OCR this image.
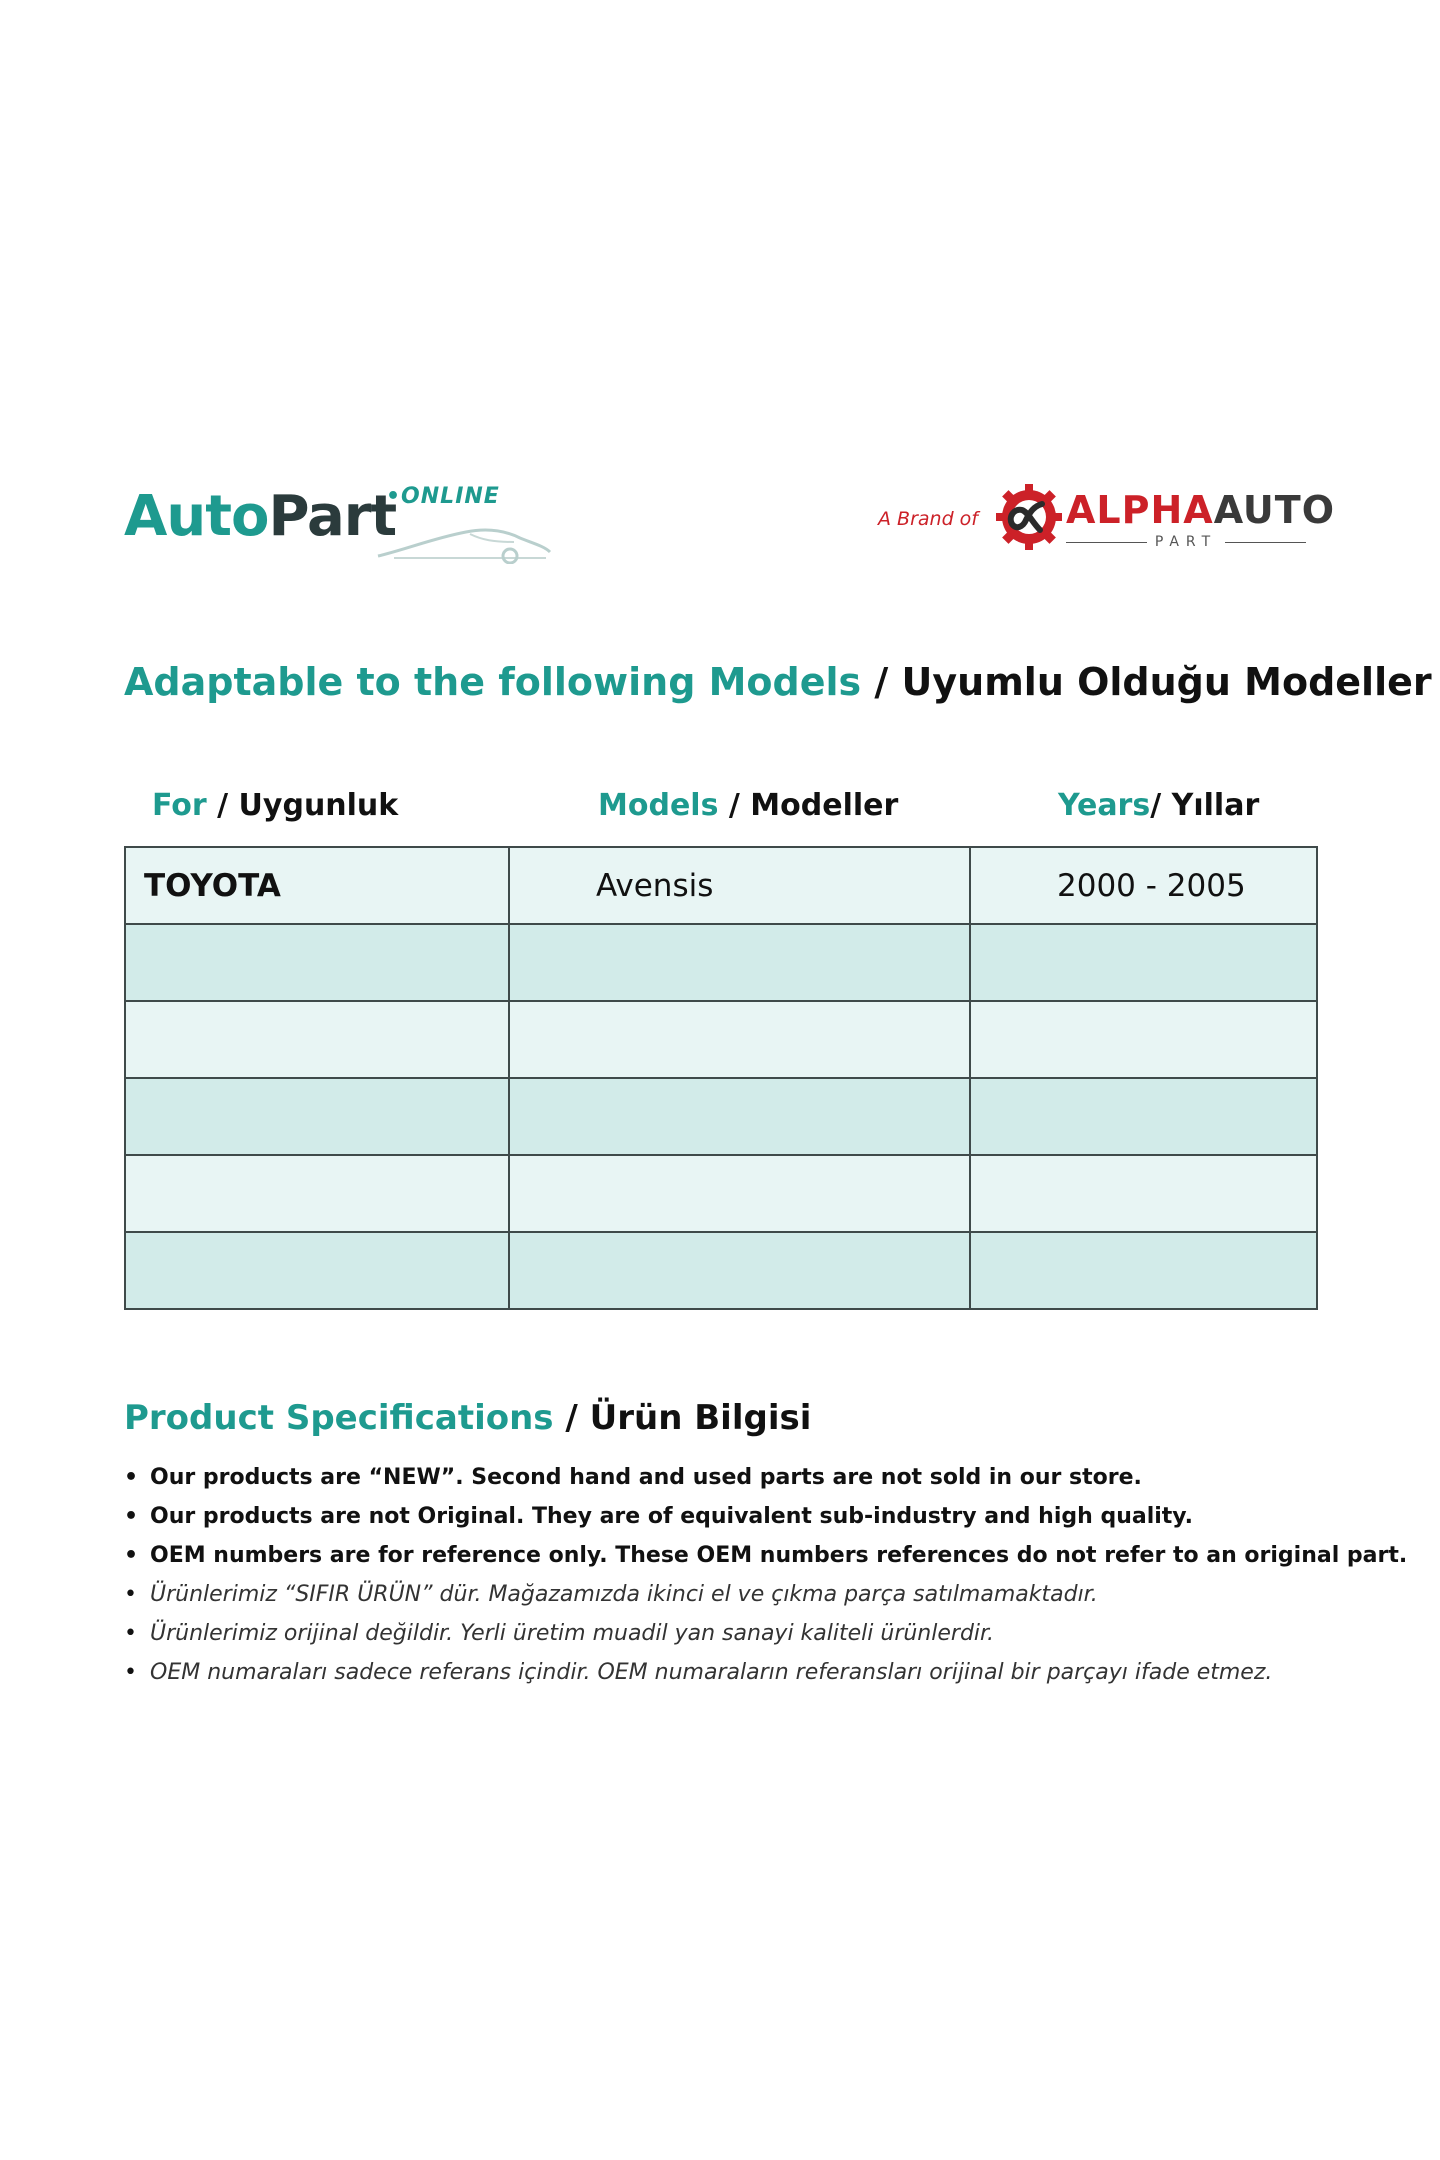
AutoPart
•ONLINE
A Brand of ALPHAAUTO
PART
Adaptable to the following Models / Uyumlu Olduğu Modeller
For / Uygunluk	Models / Modeller	Years/ Yıllar
TOYOTA	Avensis	2000 - 2005

Product Specifications / Ürün Bilgisi
• Our products are “NEW”. Second hand and used parts are not sold in our store.
• Our products are not Original. They are of equivalent sub-industry and high quality.
• OEM numbers are for reference only. These OEM numbers references do not refer to an original part.
• Ürünlerimiz “SIFIR ÜRÜN” dür. Mağazamızda ikinci el ve çıkma parça satılmamaktadır.
• Ürünlerimiz orijinal değildir. Yerli üretim muadil yan sanayi kaliteli ürünlerdir.
• OEM numaraları sadece referans içindir. OEM numaraların referansları orijinal bir parçayı ifade etmez.
